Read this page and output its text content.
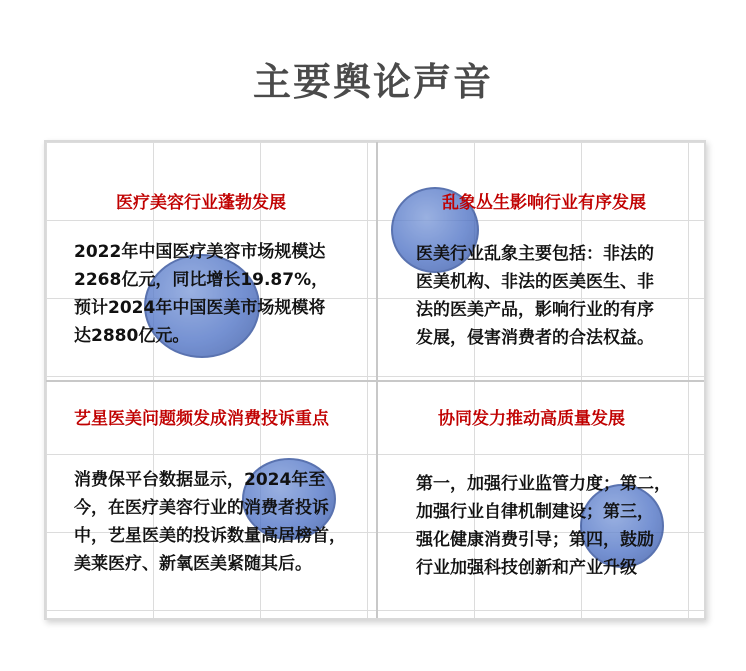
主要舆论声音
医疗美容行业蓬勃发展
2022年中国医疗美容市场规模达
2268亿元，同比增长19.87%，
预计2024年中国医美市场规模将
达2880亿元。
乱象丛生影响行业有序发展
医美行业乱象主要包括：非法的
医美机构、非法的医美医生、非
法的医美产品，影响行业的有序
发展，侵害消费者的合法权益。
艺星医美问题频发成消费投诉重点
消费保平台数据显示，2024年至
今，在医疗美容行业的消费者投诉
中，艺星医美的投诉数量高居榜首，
美莱医疗、新氧医美紧随其后。
协同发力推动高质量发展
第一，加强行业监管力度；第二，
加强行业自律机制建设；第三，
强化健康消费引导；第四，鼓励
行业加强科技创新和产业升级
